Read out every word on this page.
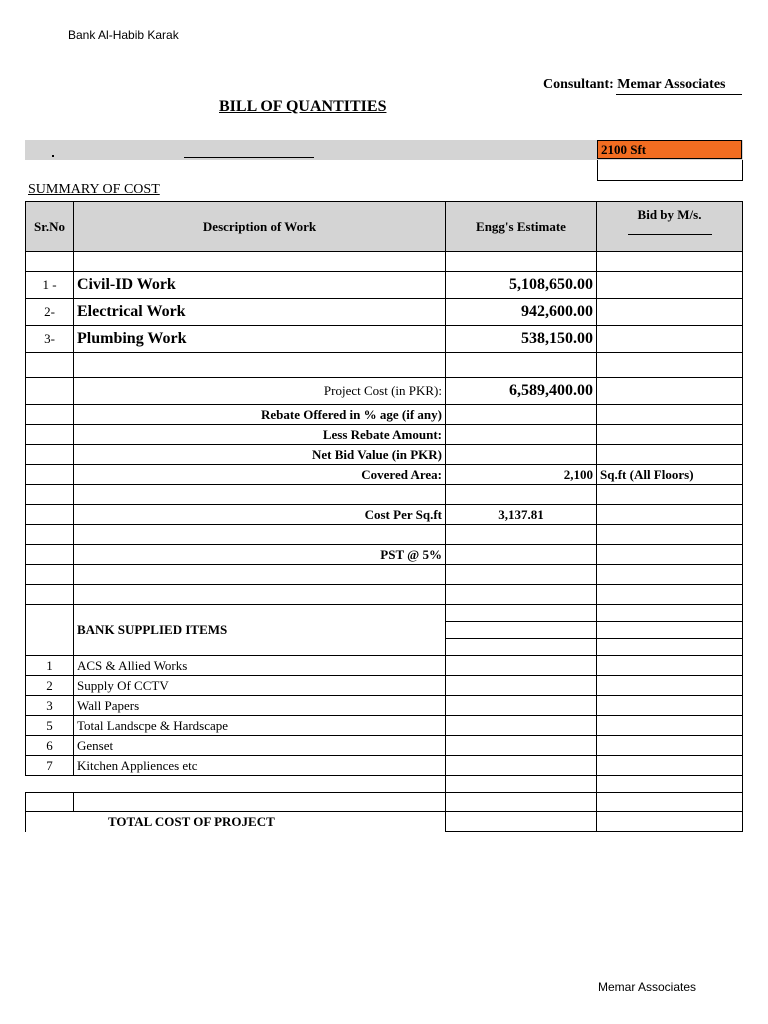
Bank Al-Habib Karak
Consultant: Memar Associates
BILL OF QUANTITIES
2100 Sft
SUMMARY OF COST
Sr.No	Description of Work	Engg's Estimate	Bid by M/s.

1 -	Civil-ID Work	5,108,650.00	
2-	Electrical Work	942,600.00	
3-	Plumbing Work	538,150.00	

	Project Cost (in PKR):	6,589,400.00	
	Rebate Offered in % age (if any)		
	Less Rebate Amount:		
	Net Bid Value (in PKR)		
	Covered Area:	2,100	Sq.ft (All Floors)

	Cost Per Sq.ft	3,137.81	

	PST @ 5%		

	BANK SUPPLIED ITEMS		

1	ACS & Allied Works		
2	Supply Of CCTV		
3	Wall Papers		
5	Total Landscpe & Hardscape		
6	Genset		
7	Kitchen Appliences etc		

TOTAL COST OF PROJECT			
Memar Associates
